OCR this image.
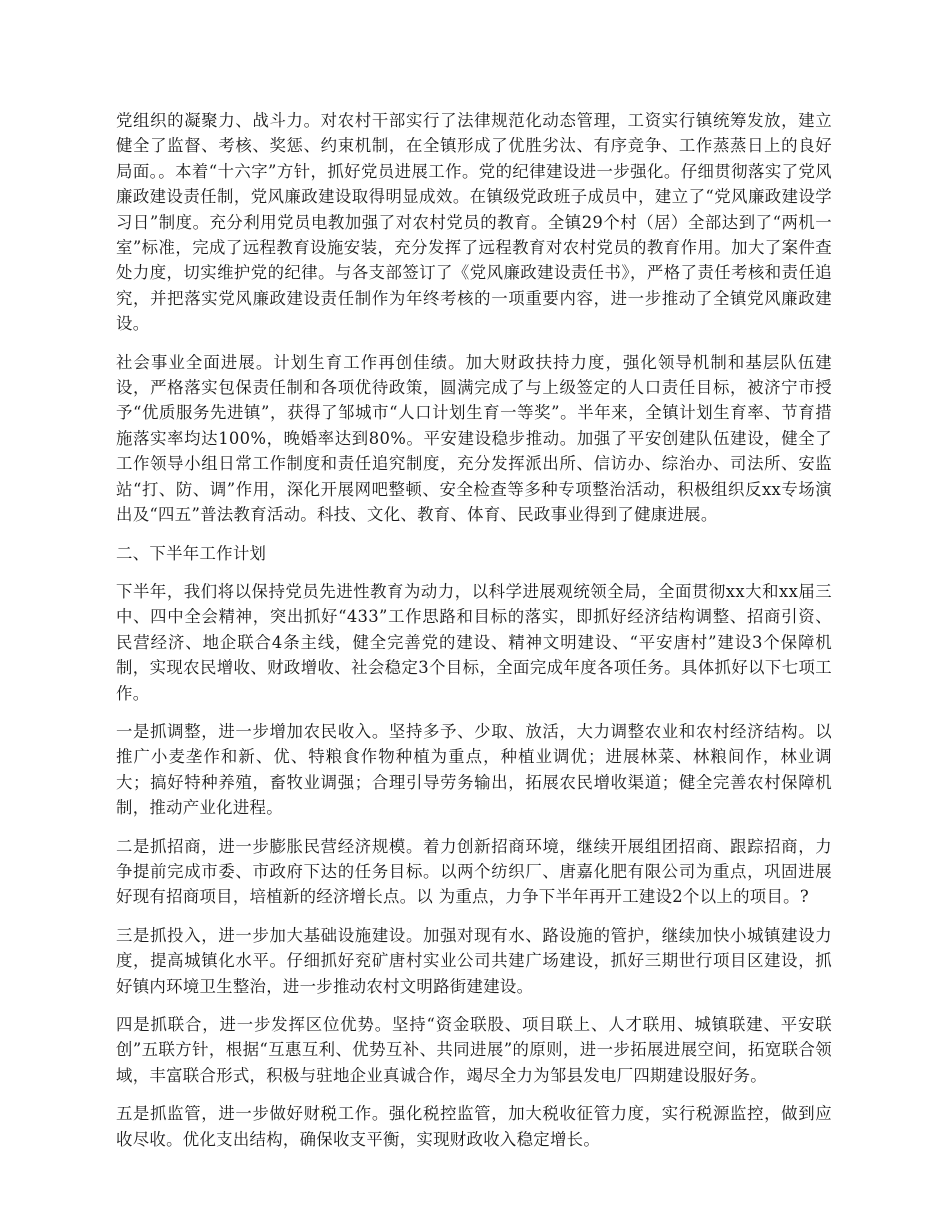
党组织的凝聚力、战斗力。对农村干部实行了法律规范化动态管理，工资实行镇统筹发放，建立健全了监督、考核、奖惩、约束机制，在全镇形成了优胜劣汰、有序竞争、工作蒸蒸日上的良好局面。。本着“十六字”方针，抓好党员进展工作。党的纪律建设进一步强化。仔细贯彻落实了党风廉政建设责任制，党风廉政建设取得明显成效。在镇级党政班子成员中，建立了“党风廉政建设学习日”制度。充分利用党员电教加强了对农村党员的教育。全镇29个村（居）全部达到了“两机一室”标准，完成了远程教育设施安装，充分发挥了远程教育对农村党员的教育作用。加大了案件查处力度，切实维护党的纪律。与各支部签订了《党风廉政建设责任书》，严格了责任考核和责任追究，并把落实党风廉政建设责任制作为年终考核的一项重要内容，进一步推动了全镇党风廉政建设。

社会事业全面进展。计划生育工作再创佳绩。加大财政扶持力度，强化领导机制和基层队伍建设，严格落实包保责任制和各项优待政策，圆满完成了与上级签定的人口责任目标，被济宁市授予“优质服务先进镇”，获得了邹城市“人口计划生育一等奖”。半年来，全镇计划生育率、节育措施落实率均达100%，晚婚率达到80%。平安建设稳步推动。加强了平安创建队伍建设，健全了工作领导小组日常工作制度和责任追究制度，充分发挥派出所、信访办、综治办、司法所、安监站“打、防、调”作用，深化开展网吧整顿、安全检查等多种专项整治活动，积极组织反xx专场演出及“四五”普法教育活动。科技、文化、教育、体育、民政事业得到了健康进展。

二、下半年工作计划

下半年，我们将以保持党员先进性教育为动力，以科学进展观统领全局，全面贯彻xx大和xx届三中、四中全会精神，突出抓好“433”工作思路和目标的落实，即抓好经济结构调整、招商引资、民营经济、地企联合4条主线，健全完善党的建设、精神文明建设、“平安唐村”建设3个保障机制，实现农民增收、财政增收、社会稳定3个目标，全面完成年度各项任务。具体抓好以下七项工作。

一是抓调整，进一步增加农民收入。坚持多予、少取、放活，大力调整农业和农村经济结构。以推广小麦垄作和新、优、特粮食作物种植为重点，种植业调优；进展林菜、林粮间作，林业调大；搞好特种养殖，畜牧业调强；合理引导劳务输出，拓展农民增收渠道；健全完善农村保障机制，推动产业化进程。

二是抓招商，进一步膨胀民营经济规模。着力创新招商环境，继续开展组团招商、跟踪招商，力争提前完成市委、市政府下达的任务目标。以两个纺织厂、唐嘉化肥有限公司为重点，巩固进展好现有招商项目，培植新的经济增长点。以 为重点，力争下半年再开工建设2个以上的项目。?

三是抓投入，进一步加大基础设施建设。加强对现有水、路设施的管护，继续加快小城镇建设力度，提高城镇化水平。仔细抓好兖矿唐村实业公司共建广场建设，抓好三期世行项目区建设，抓好镇内环境卫生整治，进一步推动农村文明路街建建设。

四是抓联合，进一步发挥区位优势。坚持“资金联股、项目联上、人才联用、城镇联建、平安联创”五联方针，根据“互惠互利、优势互补、共同进展”的原则，进一步拓展进展空间，拓宽联合领域，丰富联合形式，积极与驻地企业真诚合作，竭尽全力为邹县发电厂四期建设服好务。

五是抓监管，进一步做好财税工作。强化税控监管，加大税收征管力度，实行税源监控，做到应收尽收。优化支出结构，确保收支平衡，实现财政收入稳定增长。
